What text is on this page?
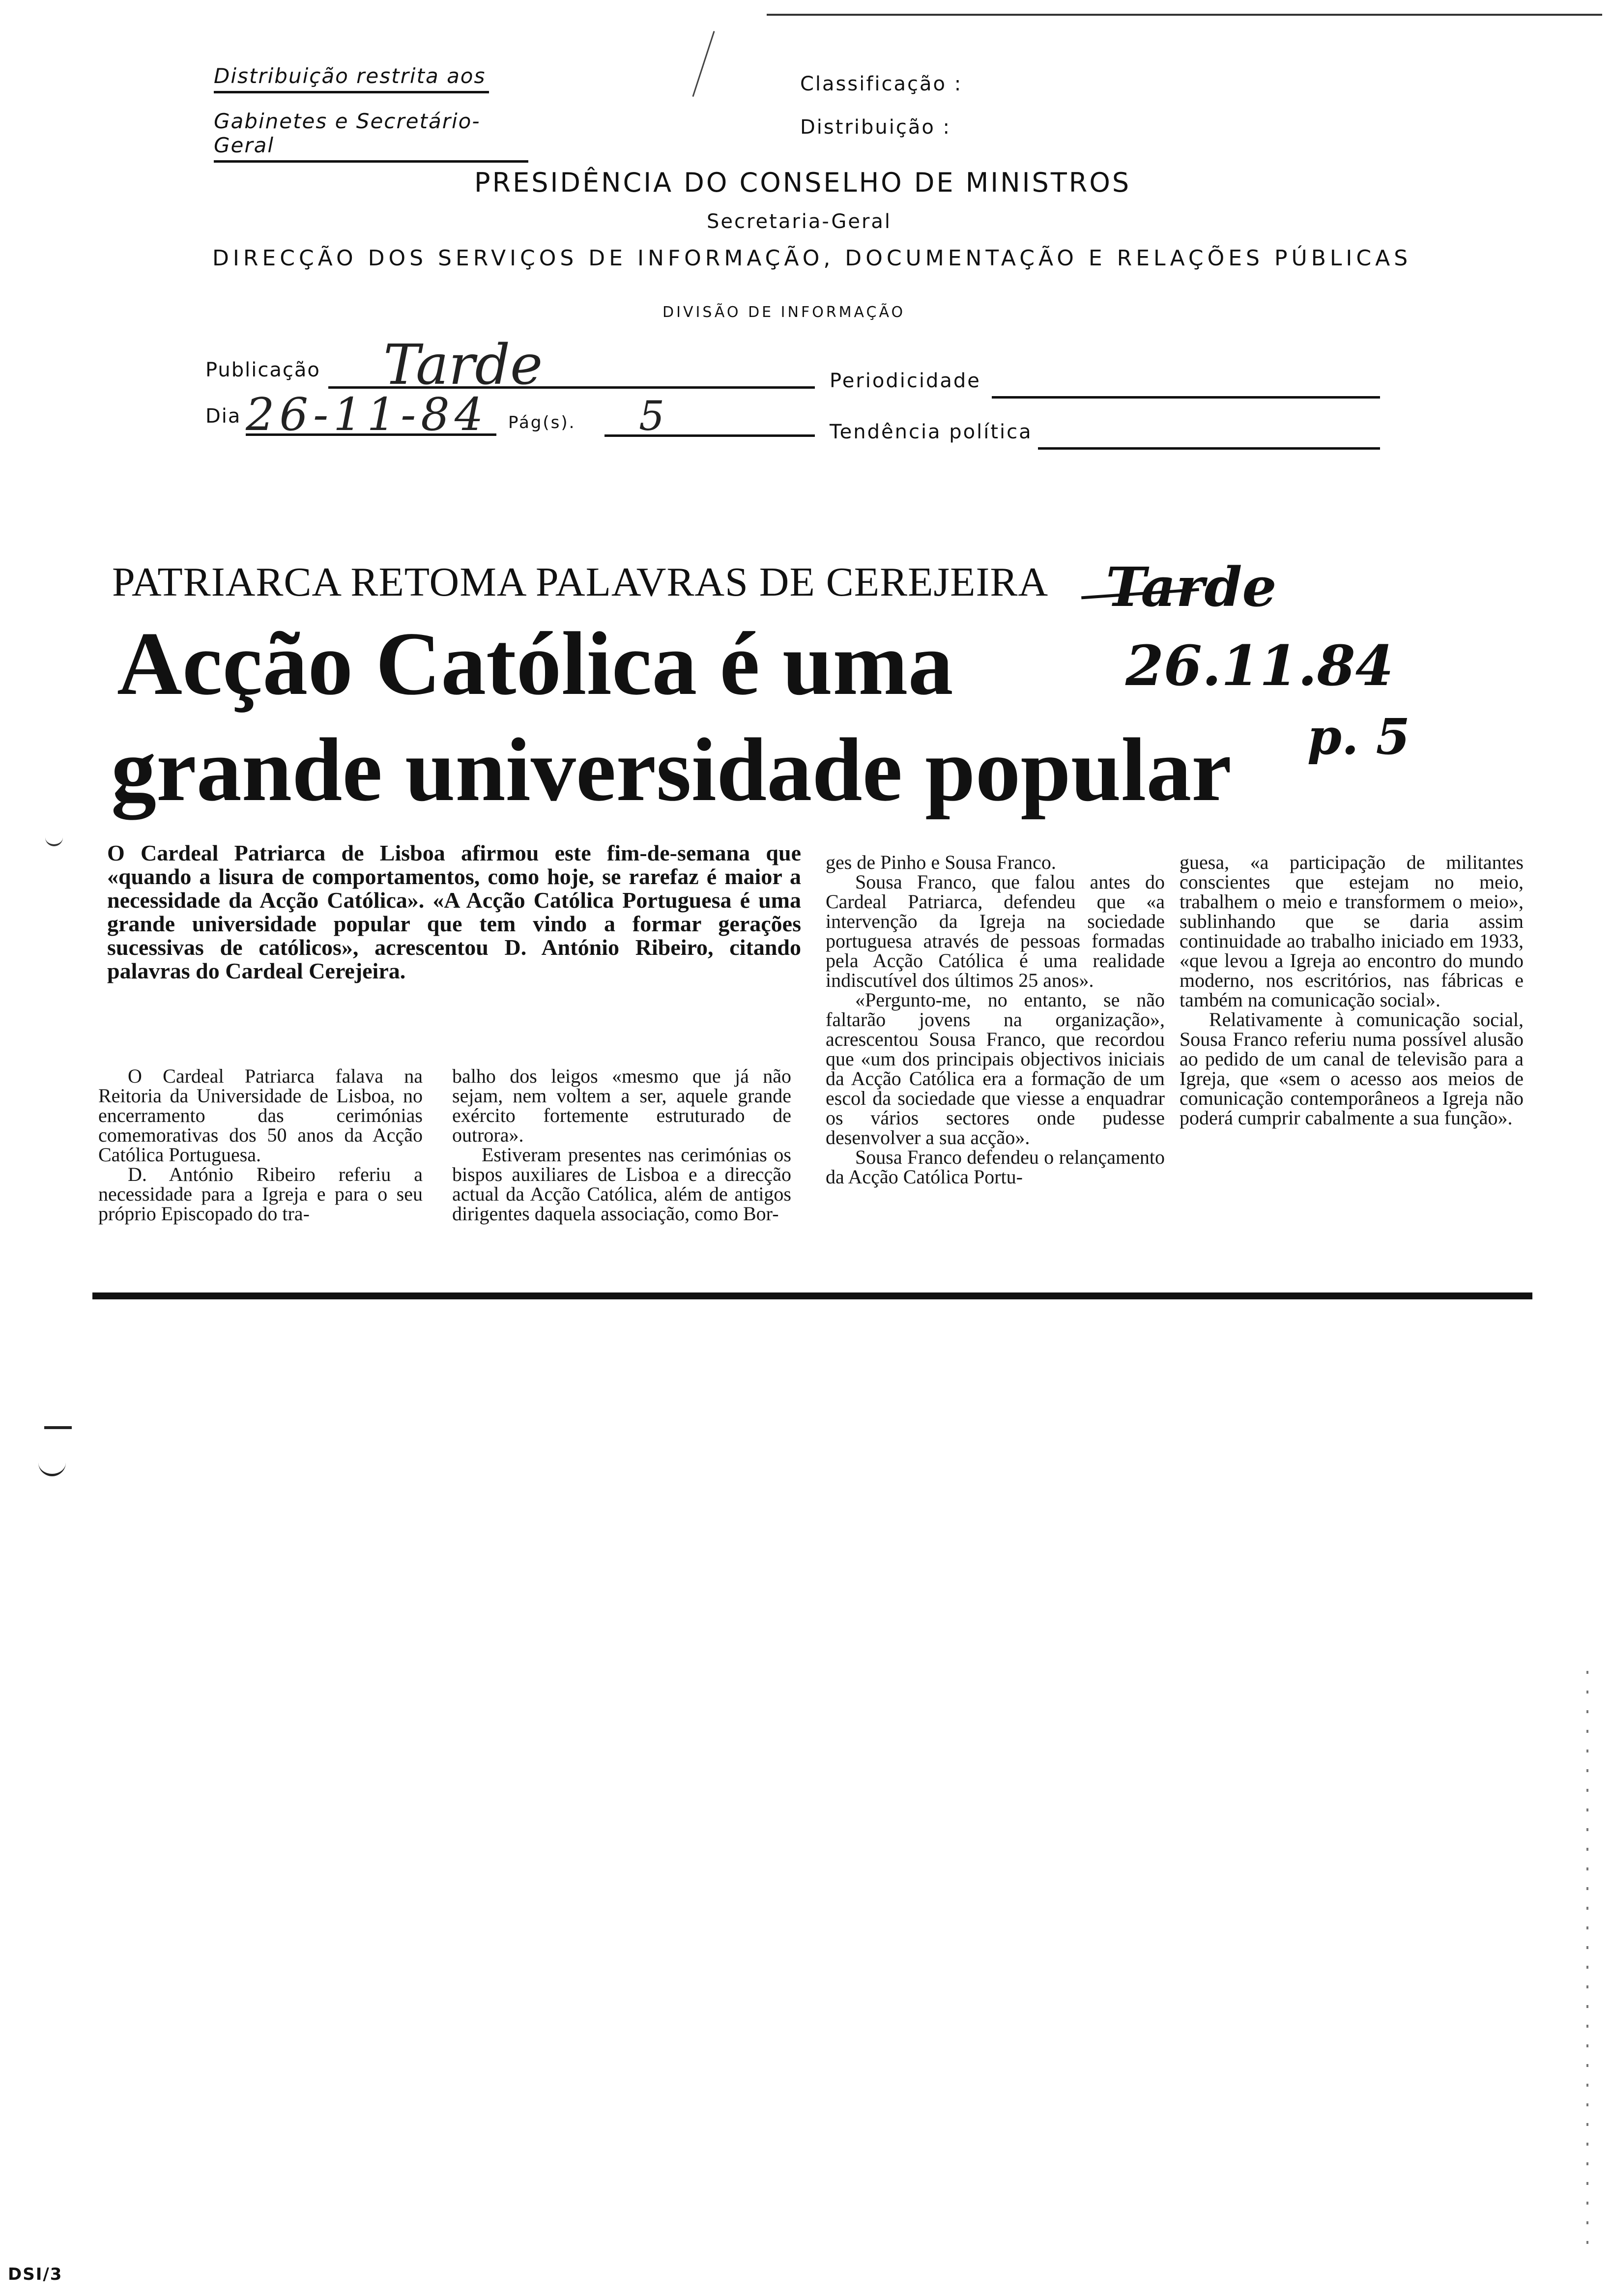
Distribuição restrita aos
Gabinetes e Secretário-Geral
Classificação :
Distribuição :
PRESIDÊNCIA DO CONSELHO DE MINISTROS
Secretaria-Geral
DIRECÇÃO DOS SERVIÇOS DE INFORMAÇÃO, DOCUMENTAÇÃO E RELAÇÕES PÚBLICAS
DIVISÃO DE INFORMAÇÃO
Publicação Tarde	Periodicidade
Dia 26-11-84 Pág(s). 5	Tendência política
PATRIARCA RETOMA PALAVRAS DE CEREJEIRA
Acção Católica é uma
grande universidade popular
Tarde
26.11.84
p. 5
O Cardeal Patriarca de Lisboa afirmou este fim-de-semana que «quando a lisura de comportamentos, como hoje, se rarefaz é maior a necessidade da Acção Católica». «A Acção Católica Portuguesa é uma grande universidade popular que tem vindo a formar gerações sucessivas de católicos», acrescentou D. António Ribeiro, citando palavras do Cardeal Cerejeira.

O Cardeal Patriarca falava na Reitoria da Universidade de Lisboa, no encerramento das cerimónias comemorativas dos 50 anos da Acção Católica Portuguesa.

D. António Ribeiro referiu a necessidade para a Igreja e para o seu próprio Episcopado do tra-

balho dos leigos «mesmo que já não sejam, nem voltem a ser, aquele grande exército fortemente estruturado de outrora».

Estiveram presentes nas cerimónias os bispos auxiliares de Lisboa e a direcção actual da Acção Católica, além de antigos dirigentes daquela associação, como Bor-

ges de Pinho e Sousa Franco.

Sousa Franco, que falou antes do Cardeal Patriarca, defendeu que «a intervenção da Igreja na sociedade portuguesa através de pessoas formadas pela Acção Católica é uma realidade indiscutível dos últimos 25 anos».

«Pergunto-me, no entanto, se não faltarão jovens na organização», acrescentou Sousa Franco, que recordou que «um dos principais objectivos iniciais da Acção Católica era a formação de um escol da sociedade que viesse a enquadrar os vários sectores onde pudesse desenvolver a sua acção».

Sousa Franco defendeu o relançamento da Acção Católica Portu-

guesa, «a participação de militantes conscientes que estejam no meio, trabalhem o meio e transformem o meio», sublinhando que se daria assim continuidade ao trabalho iniciado em 1933, «que levou a Igreja ao encontro do mundo moderno, nos escritórios, nas fábricas e também na comunicação social».

Relativamente à comunicação social, Sousa Franco referiu numa possível alusão ao pedido de um canal de televisão para a Igreja, que «sem o acesso aos meios de comunicação contemporâneos a Igreja não poderá cumprir cabalmente a sua função».

DSI/3
